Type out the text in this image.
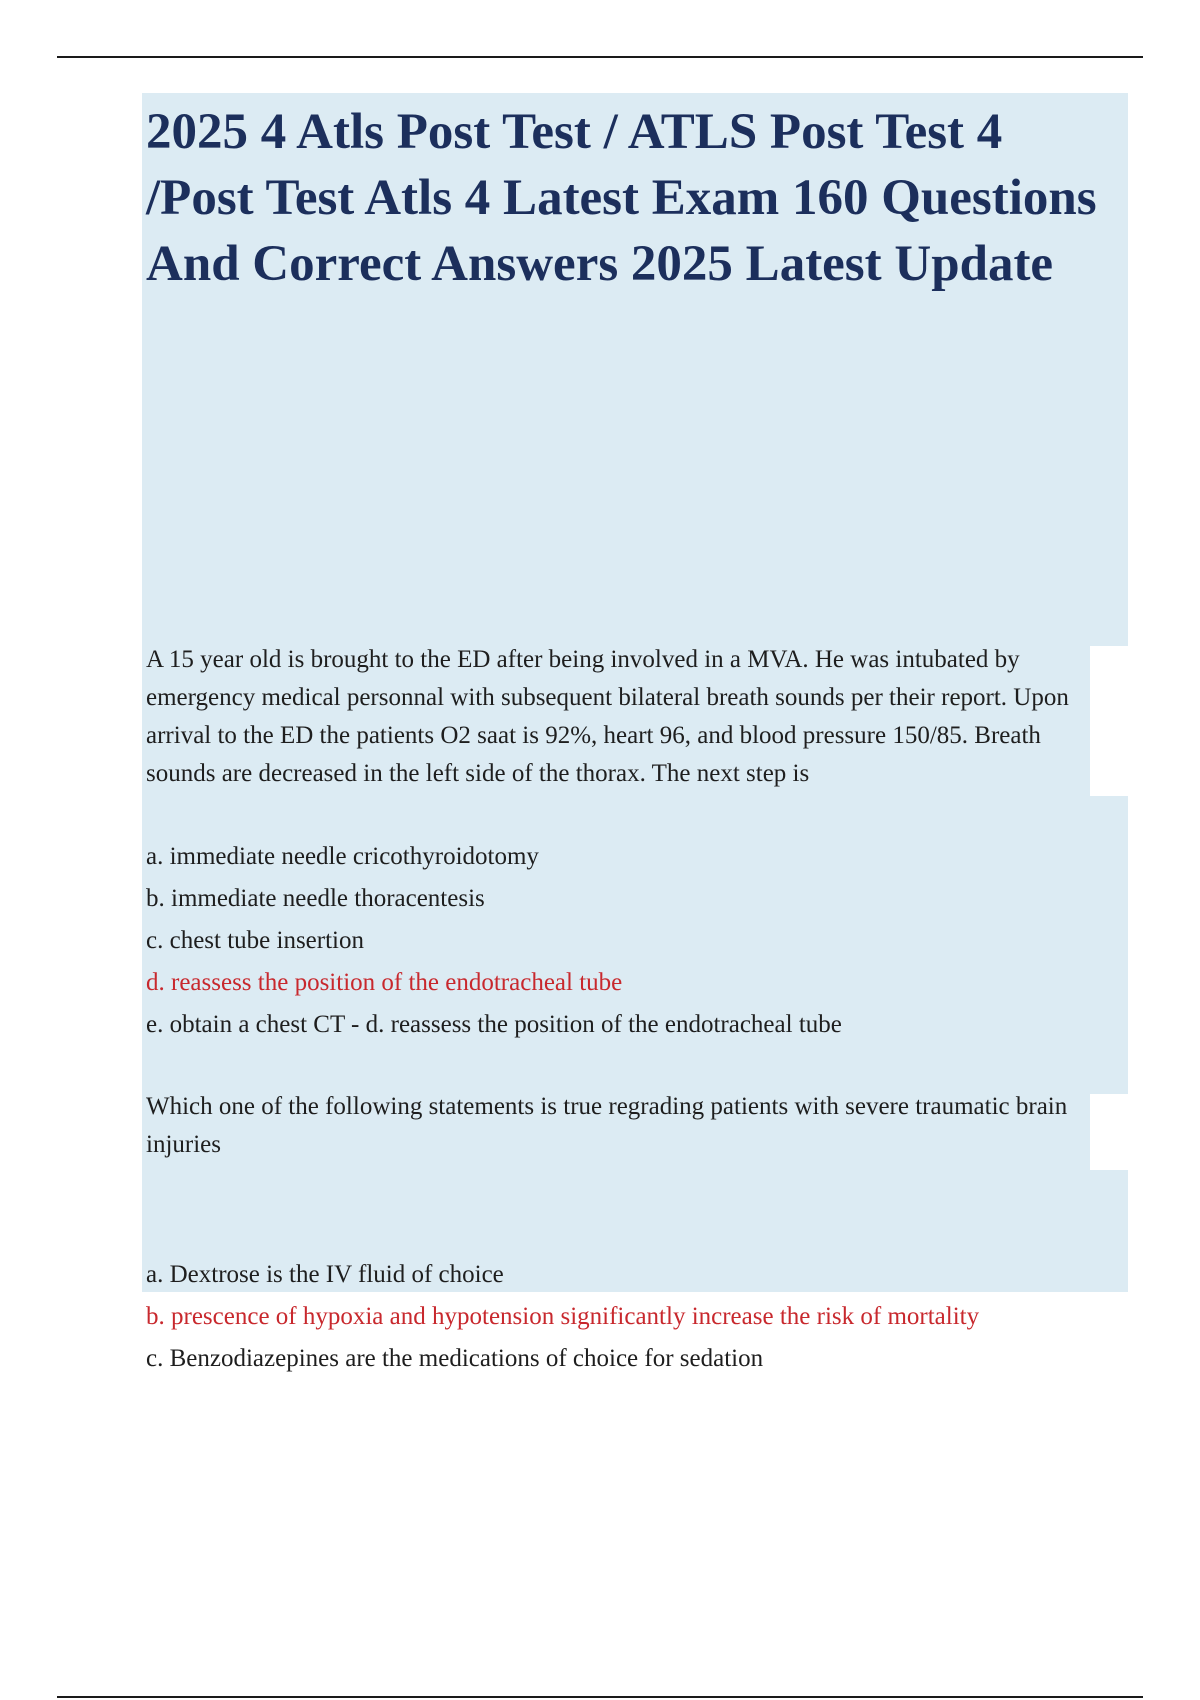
2025 4 Atls Post Test / ATLS Post Test 4 /Post Test Atls 4 Latest Exam 160 Questions And Correct Answers 2025 Latest Update

A 15 year old is brought to the ED after being involved in a MVA. He was intubated by emergency medical personnal with subsequent bilateral breath sounds per their report. Upon arrival to the ED the patients O2 saat is 92%, heart 96, and blood pressure 150/85. Breath sounds are decreased in the left side of the thorax. The next step is

a. immediate needle cricothyroidotomy
b. immediate needle thoracentesis
c. chest tube insertion
d. reassess the position of the endotracheal tube
e. obtain a chest CT - d. reassess the position of the endotracheal tube

Which one of the following statements is true regrading patients with severe traumatic brain injuries

a. Dextrose is the IV fluid of choice
b. prescence of hypoxia and hypotension significantly increase the risk of mortality
c. Benzodiazepines are the medications of choice for sedation
